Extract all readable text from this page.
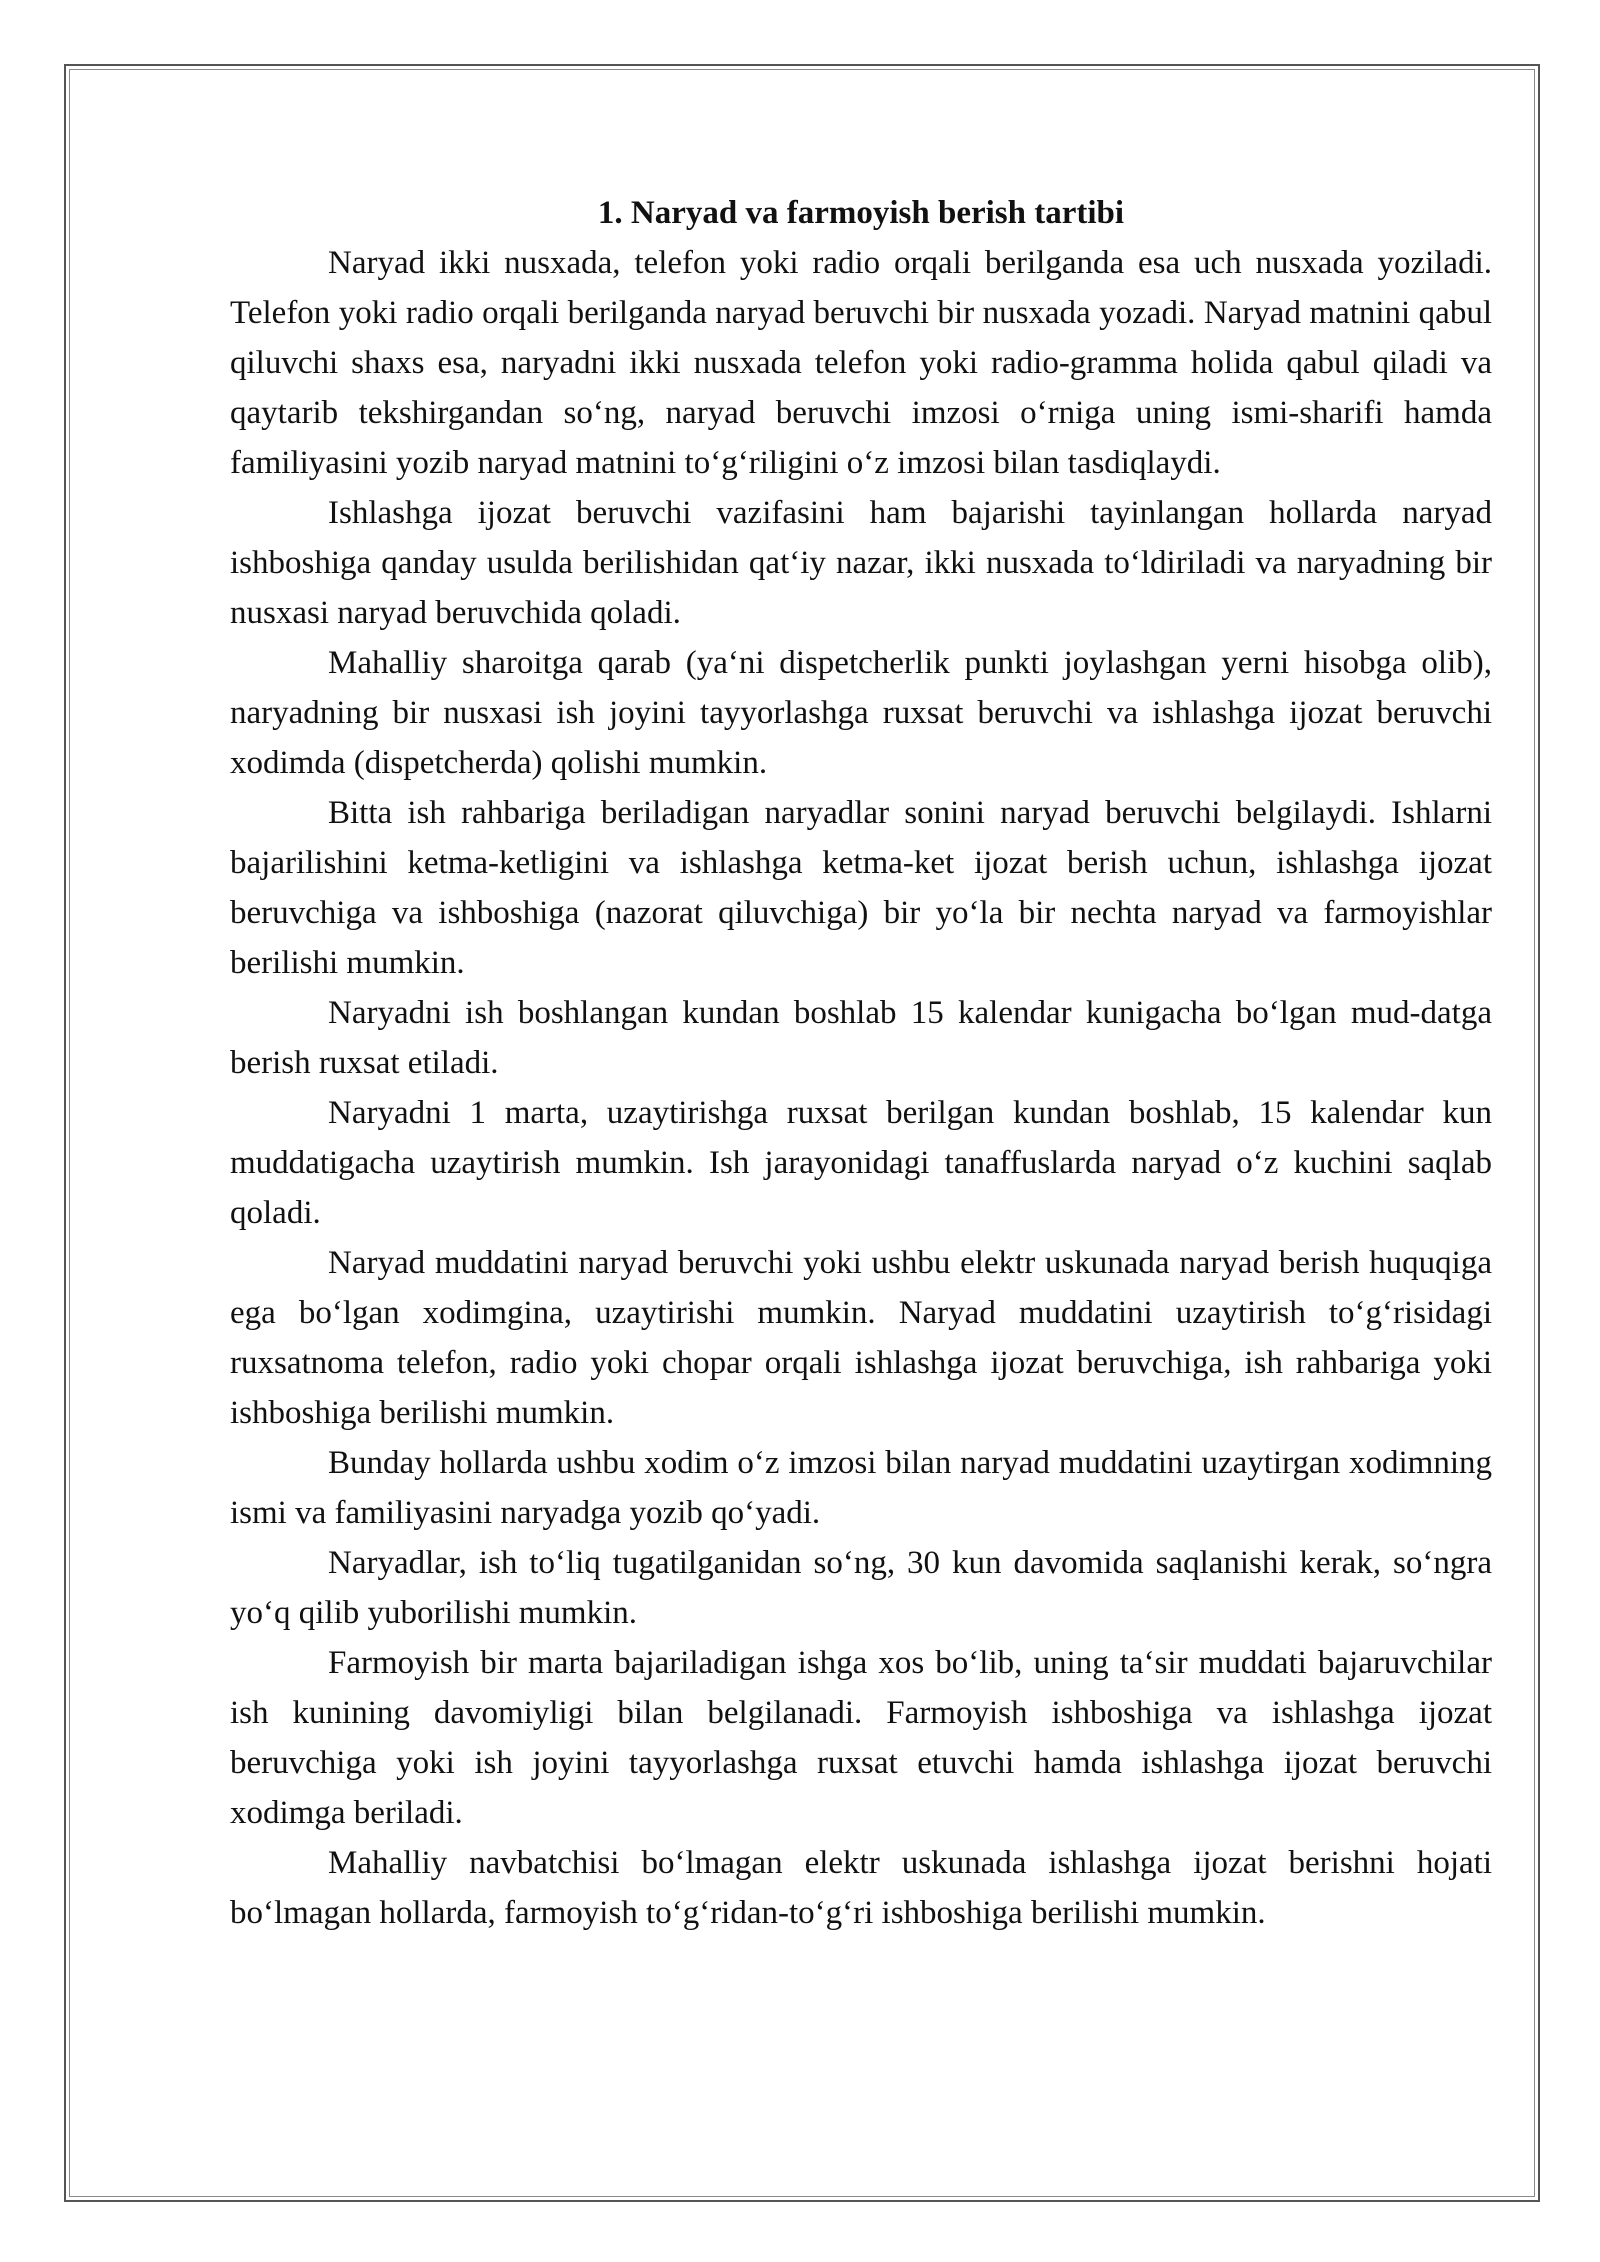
1. Naryad va farmoyish berish tartibi

Naryad ikki nusxada, telefon yoki radio orqali berilganda esa uch nusxada yoziladi. Telefon yoki radio orqali berilganda naryad beruvchi bir nusxada yozadi. Naryad matnini qabul qiluvchi shaxs esa, naryadni ikki nusxada telefon yoki radio-gramma holida qabul qiladi va qaytarib tekshirgandan so‘ng, naryad beruvchi imzosi o‘rniga uning ismi-sharifi hamda familiyasini yozib naryad matnini to‘g‘riligini o‘z imzosi bilan tasdiqlaydi.

Ishlashga ijozat beruvchi vazifasini ham bajarishi tayinlangan hollarda naryad ishboshiga qanday usulda berilishidan qat‘iy nazar, ikki nusxada to‘ldiriladi va naryadning bir nusxasi naryad beruvchida qoladi.

Mahalliy sharoitga qarab (ya‘ni dispetcherlik punkti joylashgan yerni hisobga olib), naryadning bir nusxasi ish joyini tayyorlashga ruxsat beruvchi va ishlashga ijozat beruvchi xodimda (dispetcherda) qolishi mumkin.

Bitta ish rahbariga beriladigan naryadlar sonini naryad beruvchi belgilaydi. Ishlarni bajarilishini ketma-ketligini va ishlashga ketma-ket ijozat berish uchun, ishlashga ijozat beruvchiga va ishboshiga (nazorat qiluvchiga) bir yo‘la bir nechta naryad va farmoyishlar berilishi mumkin.

Naryadni ish boshlangan kundan boshlab 15 kalendar kunigacha bo‘lgan mud-datga berish ruxsat etiladi.

Naryadni 1 marta, uzaytirishga ruxsat berilgan kundan boshlab, 15 kalendar kun muddatigacha uzaytirish mumkin. Ish jarayonidagi tanaffuslarda naryad o‘z kuchini saqlab qoladi.

Naryad muddatini naryad beruvchi yoki ushbu elektr uskunada naryad berish huquqiga ega bo‘lgan xodimgina, uzaytirishi mumkin. Naryad muddatini uzaytirish to‘g‘risidagi ruxsatnoma telefon, radio yoki chopar orqali ishlashga ijozat beruvchiga, ish rahbariga yoki ishboshiga berilishi mumkin.

Bunday hollarda ushbu xodim o‘z imzosi bilan naryad muddatini uzaytirgan xodimning ismi va familiyasini naryadga yozib qo‘yadi.

Naryadlar, ish to‘liq tugatilganidan so‘ng, 30 kun davomida saqlanishi kerak, so‘ngra yo‘q qilib yuborilishi mumkin.

Farmoyish bir marta bajariladigan ishga xos bo‘lib, uning ta‘sir muddati bajaruvchilar ish kunining davomiyligi bilan belgilanadi. Farmoyish ishboshiga va ishlashga ijozat beruvchiga yoki ish joyini tayyorlashga ruxsat etuvchi hamda ishlashga ijozat beruvchi xodimga beriladi.

Mahalliy navbatchisi bo‘lmagan elektr uskunada ishlashga ijozat berishni hojati bo‘lmagan hollarda, farmoyish to‘g‘ridan-to‘g‘ri ishboshiga berilishi mumkin.
